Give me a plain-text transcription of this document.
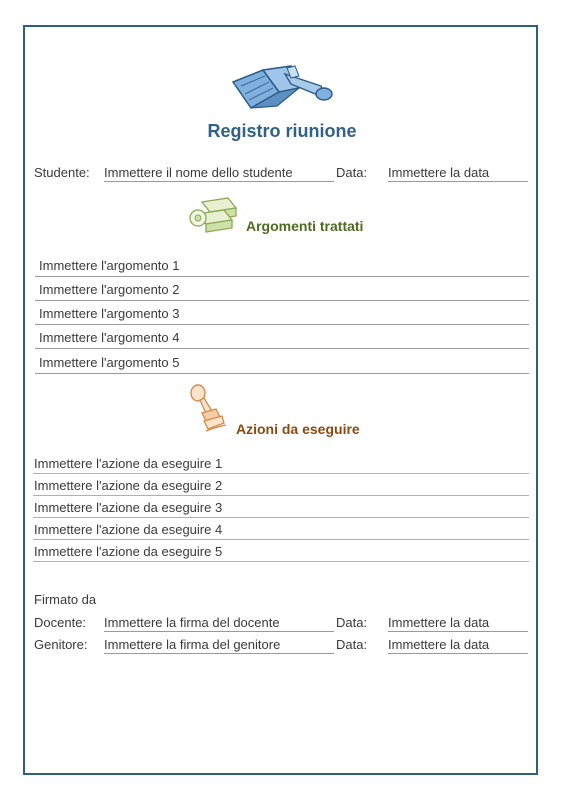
Registro riunione
Studente: Immettere il nome dello studente	Data: Immettere la data
Argomenti trattati
Immettere l'argomento 1
Immettere l'argomento 2
Immettere l'argomento 3
Immettere l'argomento 4
Immettere l'argomento 5
Azioni da eseguire
Immettere l'azione da eseguire 1
Immettere l'azione da eseguire 2
Immettere l'azione da eseguire 3
Immettere l'azione da eseguire 4
Immettere l'azione da eseguire 5
Firmato da
Docente: Immettere la firma del docente	Data: Immettere la data
Genitore: Immettere la firma del genitore	Data: Immettere la data
